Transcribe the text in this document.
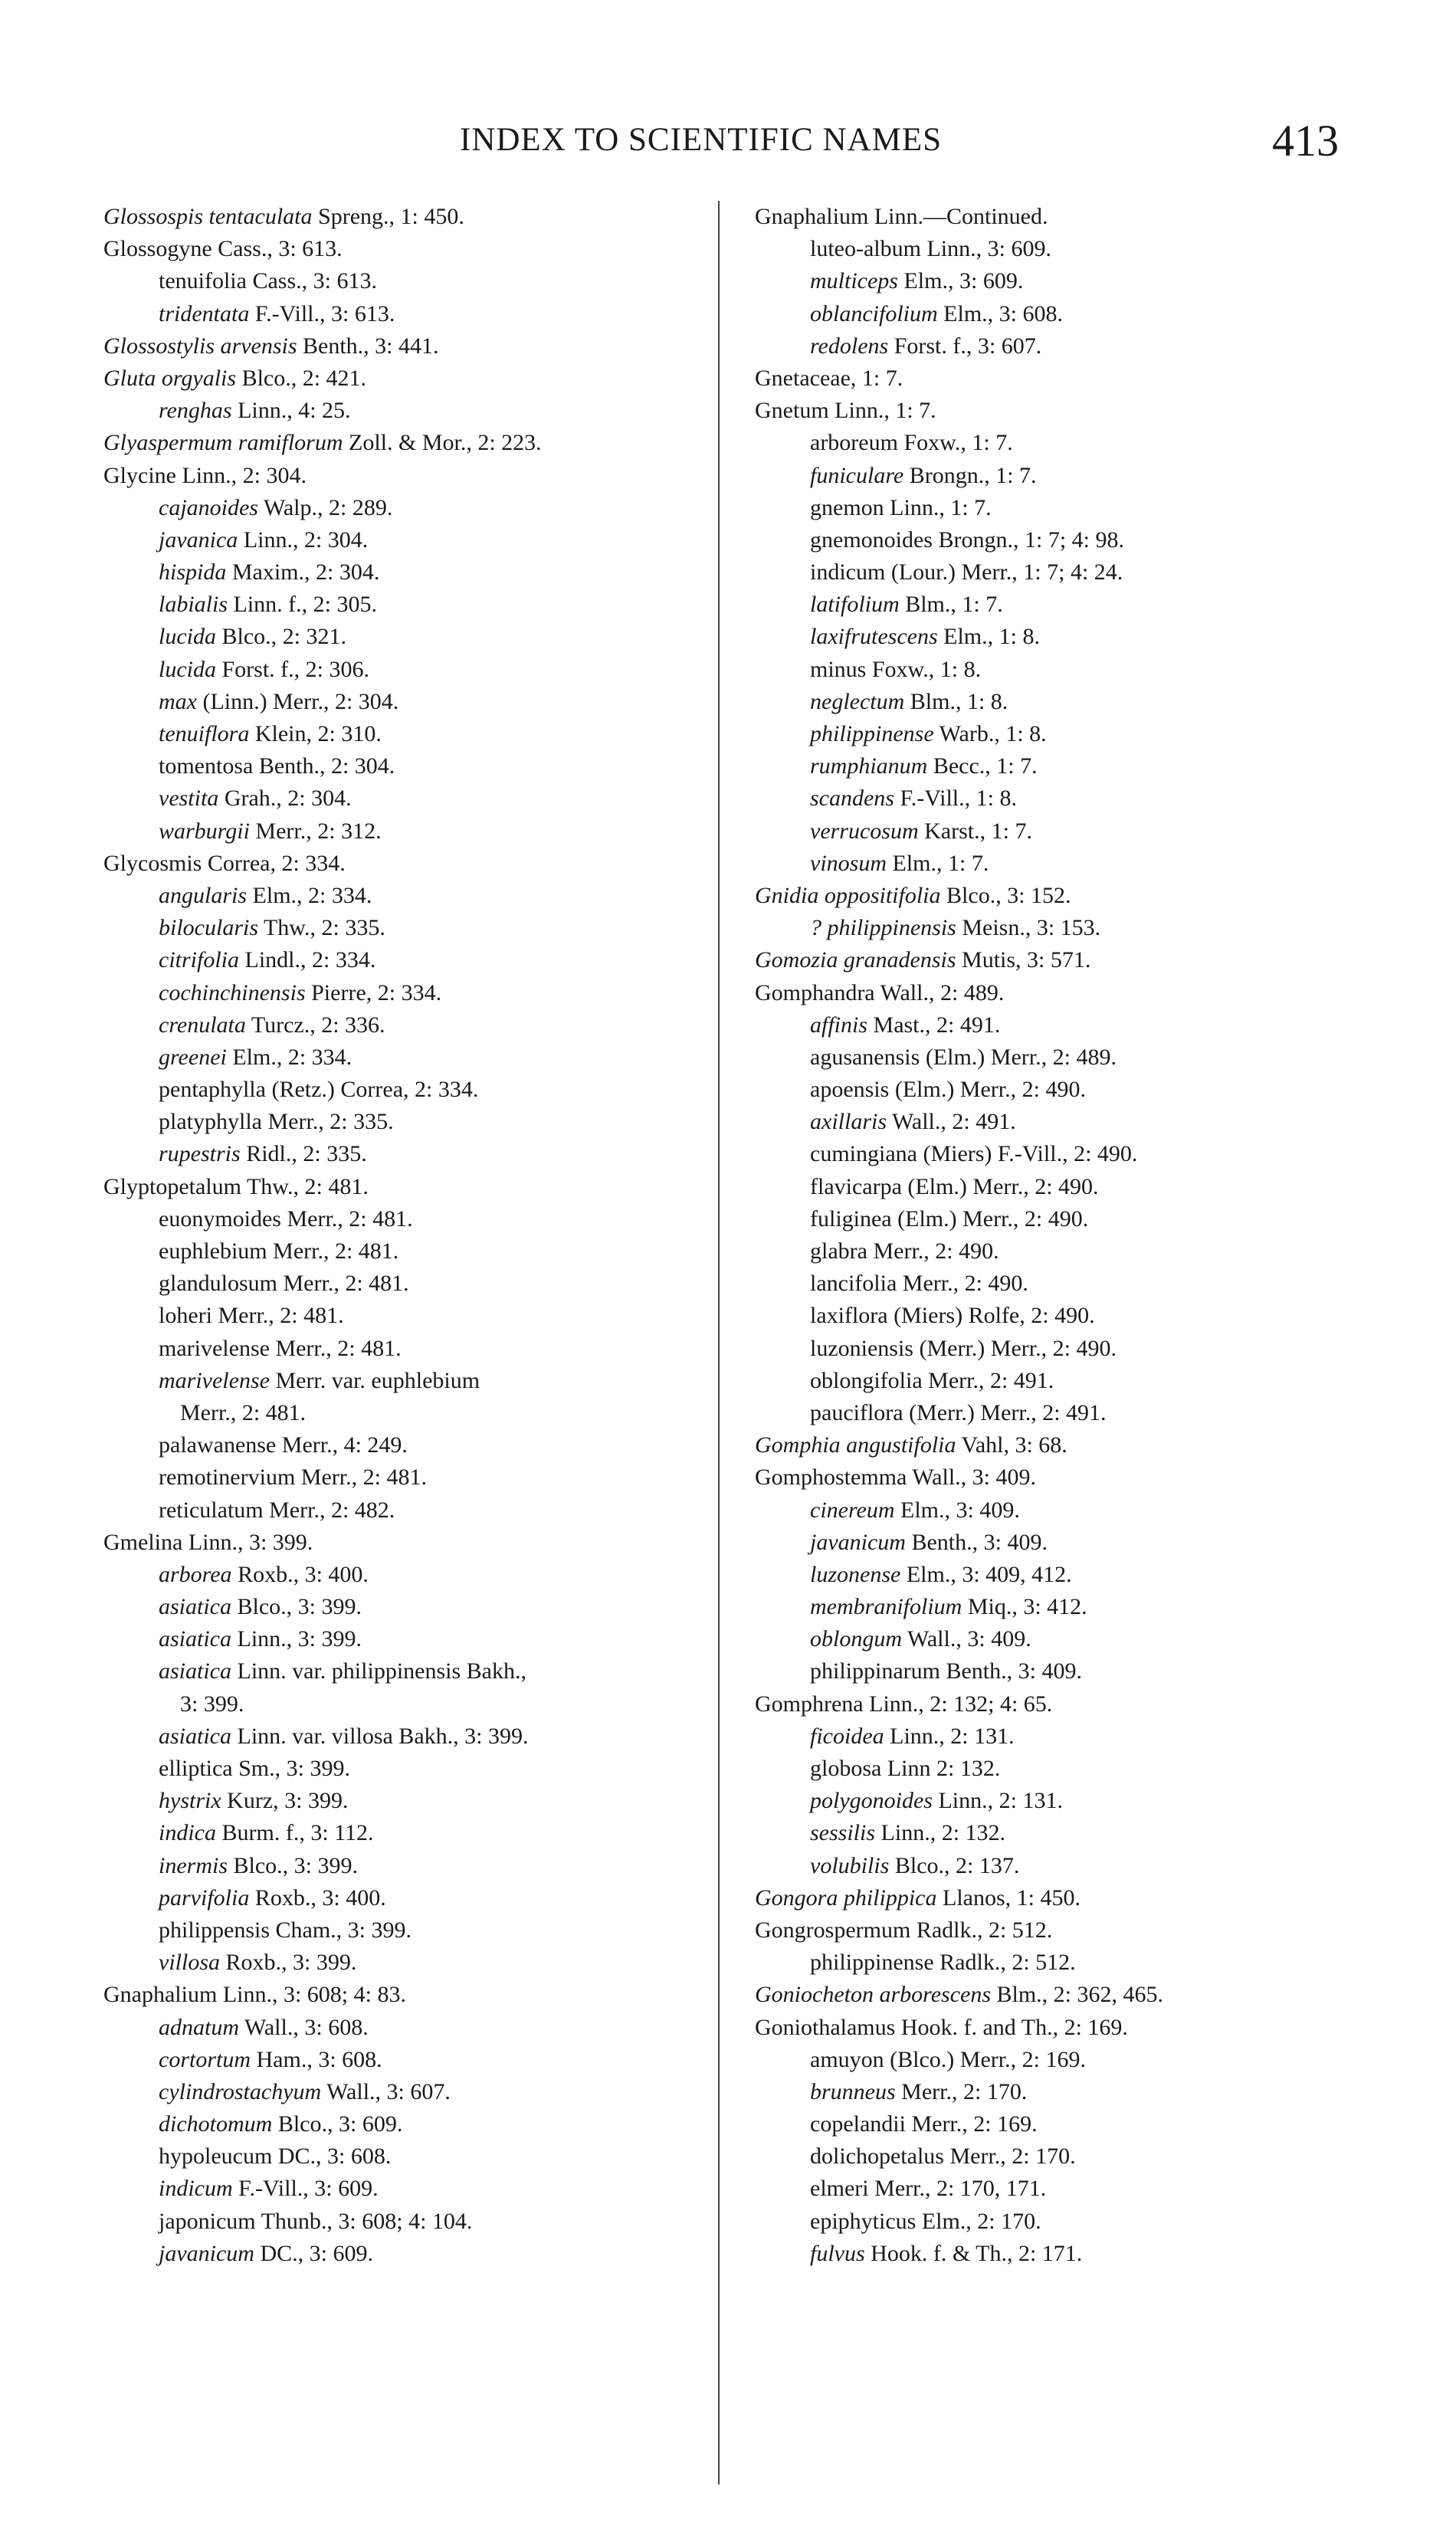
INDEX TO SCIENTIFIC NAMES	413
Glossospis tentaculata Spreng., 1: 450.
Glossogyne Cass., 3: 613.
tenuifolia Cass., 3: 613.
tridentata F.-Vill., 3: 613.
Glossostylis arvensis Benth., 3: 441.
Gluta orgyalis Blco., 2: 421.
renghas Linn., 4: 25.
Glyaspermum ramiflorum Zoll. & Mor., 2: 223.
Glycine Linn., 2: 304.
cajanoides Walp., 2: 289.
javanica Linn., 2: 304.
hispida Maxim., 2: 304.
labialis Linn. f., 2: 305.
lucida Blco., 2: 321.
lucida Forst. f., 2: 306.
max (Linn.) Merr., 2: 304.
tenuiflora Klein, 2: 310.
tomentosa Benth., 2: 304.
vestita Grah., 2: 304.
warburgii Merr., 2: 312.
Glycosmis Correa, 2: 334.
angularis Elm., 2: 334.
bilocularis Thw., 2: 335.
citrifolia Lindl., 2: 334.
cochinchinensis Pierre, 2: 334.
crenulata Turcz., 2: 336.
greenei Elm., 2: 334.
pentaphylla (Retz.) Correa, 2: 334.
platyphylla Merr., 2: 335.
rupestris Ridl., 2: 335.
Glyptopetalum Thw., 2: 481.
euonymoides Merr., 2: 481.
euphlebium Merr., 2: 481.
glandulosum Merr., 2: 481.
loheri Merr., 2: 481.
marivelense Merr., 2: 481.
marivelense Merr. var. euphlebium
Merr., 2: 481.
palawanense Merr., 4: 249.
remotinervium Merr., 2: 481.
reticulatum Merr., 2: 482.
Gmelina Linn., 3: 399.
arborea Roxb., 3: 400.
asiatica Blco., 3: 399.
asiatica Linn., 3: 399.
asiatica Linn. var. philippinensis Bakh.,
3: 399.
asiatica Linn. var. villosa Bakh., 3: 399.
elliptica Sm., 3: 399.
hystrix Kurz, 3: 399.
indica Burm. f., 3: 112.
inermis Blco., 3: 399.
parvifolia Roxb., 3: 400.
philippensis Cham., 3: 399.
villosa Roxb., 3: 399.
Gnaphalium Linn., 3: 608; 4: 83.
adnatum Wall., 3: 608.
cortortum Ham., 3: 608.
cylindrostachyum Wall., 3: 607.
dichotomum Blco., 3: 609.
hypoleucum DC., 3: 608.
indicum F.-Vill., 3: 609.
japonicum Thunb., 3: 608; 4: 104.
javanicum DC., 3: 609.
Gnaphalium Linn.—Continued.
luteo-album Linn., 3: 609.
multiceps Elm., 3: 609.
oblancifolium Elm., 3: 608.
redolens Forst. f., 3: 607.
Gnetaceae, 1: 7.
Gnetum Linn., 1: 7.
arboreum Foxw., 1: 7.
funiculare Brongn., 1: 7.
gnemon Linn., 1: 7.
gnemonoides Brongn., 1: 7; 4: 98.
indicum (Lour.) Merr., 1: 7; 4: 24.
latifolium Blm., 1: 7.
laxifrutescens Elm., 1: 8.
minus Foxw., 1: 8.
neglectum Blm., 1: 8.
philippinense Warb., 1: 8.
rumphianum Becc., 1: 7.
scandens F.-Vill., 1: 8.
verrucosum Karst., 1: 7.
vinosum Elm., 1: 7.
Gnidia oppositifolia Blco., 3: 152.
? philippinensis Meisn., 3: 153.
Gomozia granadensis Mutis, 3: 571.
Gomphandra Wall., 2: 489.
affinis Mast., 2: 491.
agusanensis (Elm.) Merr., 2: 489.
apoensis (Elm.) Merr., 2: 490.
axillaris Wall., 2: 491.
cumingiana (Miers) F.-Vill., 2: 490.
flavicarpa (Elm.) Merr., 2: 490.
fuliginea (Elm.) Merr., 2: 490.
glabra Merr., 2: 490.
lancifolia Merr., 2: 490.
laxiflora (Miers) Rolfe, 2: 490.
luzoniensis (Merr.) Merr., 2: 490.
oblongifolia Merr., 2: 491.
pauciflora (Merr.) Merr., 2: 491.
Gomphia angustifolia Vahl, 3: 68.
Gomphostemma Wall., 3: 409.
cinereum Elm., 3: 409.
javanicum Benth., 3: 409.
luzonense Elm., 3: 409, 412.
membranifolium Miq., 3: 412.
oblongum Wall., 3: 409.
philippinarum Benth., 3: 409.
Gomphrena Linn., 2: 132; 4: 65.
ficoidea Linn., 2: 131.
globosa Linn 2: 132.
polygonoides Linn., 2: 131.
sessilis Linn., 2: 132.
volubilis Blco., 2: 137.
Gongora philippica Llanos, 1: 450.
Gongrospermum Radlk., 2: 512.
philippinense Radlk., 2: 512.
Goniocheton arborescens Blm., 2: 362, 465.
Goniothalamus Hook. f. and Th., 2: 169.
amuyon (Blco.) Merr., 2: 169.
brunneus Merr., 2: 170.
copelandii Merr., 2: 169.
dolichopetalus Merr., 2: 170.
elmeri Merr., 2: 170, 171.
epiphyticus Elm., 2: 170.
fulvus Hook. f. & Th., 2: 171.
